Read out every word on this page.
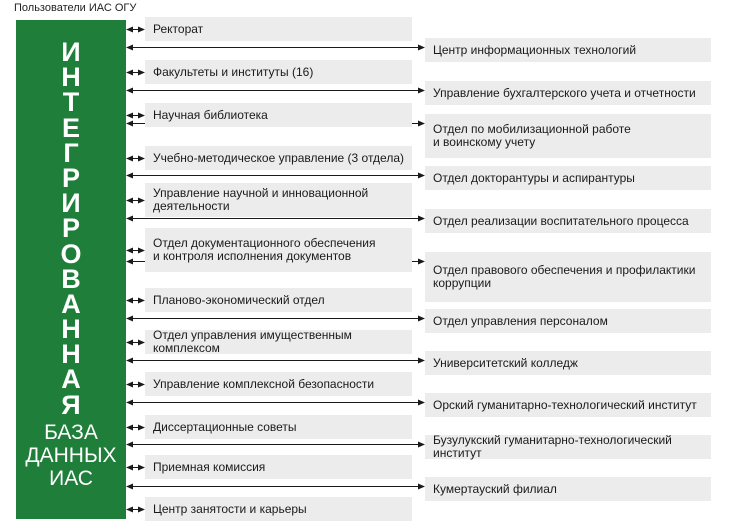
Пользователи ИАС ОГУ
И
Н
Т
Е
Г
Р
И
Р
О
В
А
Н
Н
А
Я
БАЗА
ДАННЫХ
ИАС
Ректорат
Факультеты и институты (16)
Научная библиотека
Учебно-методическое управление (3 отдела)
Управление научной и инновационной
деятельности
Отдел документационного обеспечения
и контроля исполнения документов
Планово-экономический отдел
Отдел управления имущественным комплексом
Управление комплексной безопасности
Диссертационные советы
Приемная комиссия
Центр занятости и карьеры
Центр информационных технологий
Управление бухгалтерского учета и отчетности
Отдел по мобилизационной работе
и воинскому учету
Отдел докторантуры и аспирантуры
Отдел реализации воспитательного процесса
Отдел правового обеспечения и профилактики
коррупции
Отдел управления персоналом
Университетский колледж
Орский гуманитарно-технологический институт
Бузулукский гуманитарно-технологический институт
Кумертауский филиал
